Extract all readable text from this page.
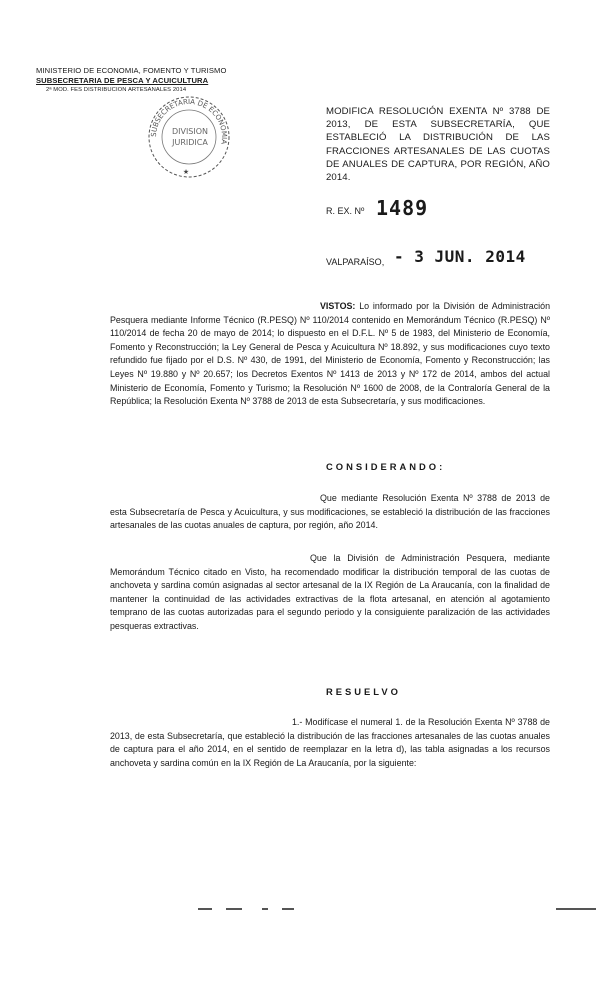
MINISTERIO DE ECONOMIA, FOMENTO Y TURISMO
SUBSECRETARIA DE PESCA Y ACUICULTURA
2ª MOD. FES DISTRIBUCION ARTESANALES 2014
SUBSECRETARIA DE ECONOMIA
DIVISION
JURIDICA
★
MODIFICA RESOLUCIÓN EXENTA Nº 3788 DE 2013, DE ESTA SUBSECRETARÍA, QUE ESTABLECIÓ LA DISTRIBUCIÓN DE LAS FRACCIONES ARTESANALES DE LAS CUOTAS DE ANUALES DE CAPTURA, POR REGIÓN, AÑO 2014.
R. EX. Nº 1489
VALPARAÍSO, - 3 JUN. 2014
VISTOS: Lo informado por la División de Administración Pesquera mediante Informe Técnico (R.PESQ) Nº 110/2014 contenido en Memorándum Técnico (R.PESQ) Nº 110/2014 de fecha 20 de mayo de 2014; lo dispuesto en el D.F.L. Nº 5 de 1983, del Ministerio de Economía, Fomento y Reconstrucción; la Ley General de Pesca y Acuicultura Nº 18.892, y sus modificaciones cuyo texto refundido fue fijado por el D.S. Nº 430, de 1991, del Ministerio de Economía, Fomento y Reconstrucción; las Leyes Nº 19.880 y Nº 20.657; los Decretos Exentos Nº 1413 de 2013 y Nº 172 de 2014, ambos del actual Ministerio de Economía, Fomento y Turismo; la Resolución Nº 1600 de 2008, de la Contraloría General de la República; la Resolución Exenta Nº 3788 de 2013 de esta Subsecretaría, y sus modificaciones.
CONSIDERANDO:
Que mediante Resolución Exenta Nº 3788 de 2013 de esta Subsecretaría de Pesca y Acuicultura, y sus modificaciones, se estableció la distribución de las fracciones artesanales de las cuotas anuales de captura, por región, año 2014.
Que la División de Administración Pesquera, mediante Memorándum Técnico citado en Visto, ha recomendado modificar la distribución temporal de las cuotas de anchoveta y sardina común asignadas al sector artesanal de la IX Región de La Araucanía, con la finalidad de mantener la continuidad de las actividades extractivas de la flota artesanal, en atención al agotamiento temprano de las cuotas autorizadas para el segundo periodo y la consiguiente paralización de las actividades pesqueras extractivas.
RESUELVO
1.- Modifícase el numeral 1. de la Resolución Exenta Nº 3788 de 2013, de esta Subsecretaría, que estableció la distribución de las fracciones artesanales de las cuotas anuales de captura para el año 2014, en el sentido de reemplazar en la letra d), las tabla asignadas a los recursos anchoveta y sardina común en la IX Región de La Araucanía, por la siguiente:
